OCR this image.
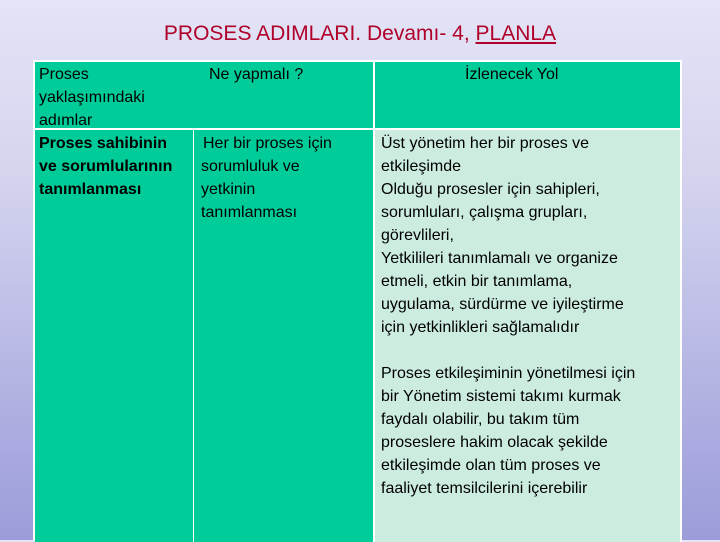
PROSES ADIMLARI. Devamı- 4, PLANLA
Proses
yaklaşımındaki
adımlar
Ne yapmalı ?	İzlenecek Yol
Proses sahibinin
ve sorumlularının
tanımlanması
Her bir proses için
sorumluluk ve
yetkinin
tanımlanması
Üst yönetim her bir proses ve
etkileşimde
Olduğu prosesler için sahipleri,
sorumluları, çalışma grupları,
görevlileri,
Yetkilileri tanımlamalı ve organize
etmeli, etkin bir tanımlama,
uygulama, sürdürme ve iyileştirme
için yetkinlikleri sağlamalıdır
Proses etkileşiminin yönetilmesi için
bir Yönetim sistemi takımı kurmak
faydalı olabilir, bu takım tüm
proseslere hakim olacak şekilde
etkileşimde olan tüm proses ve
faaliyet temsilcilerini içerebilir
